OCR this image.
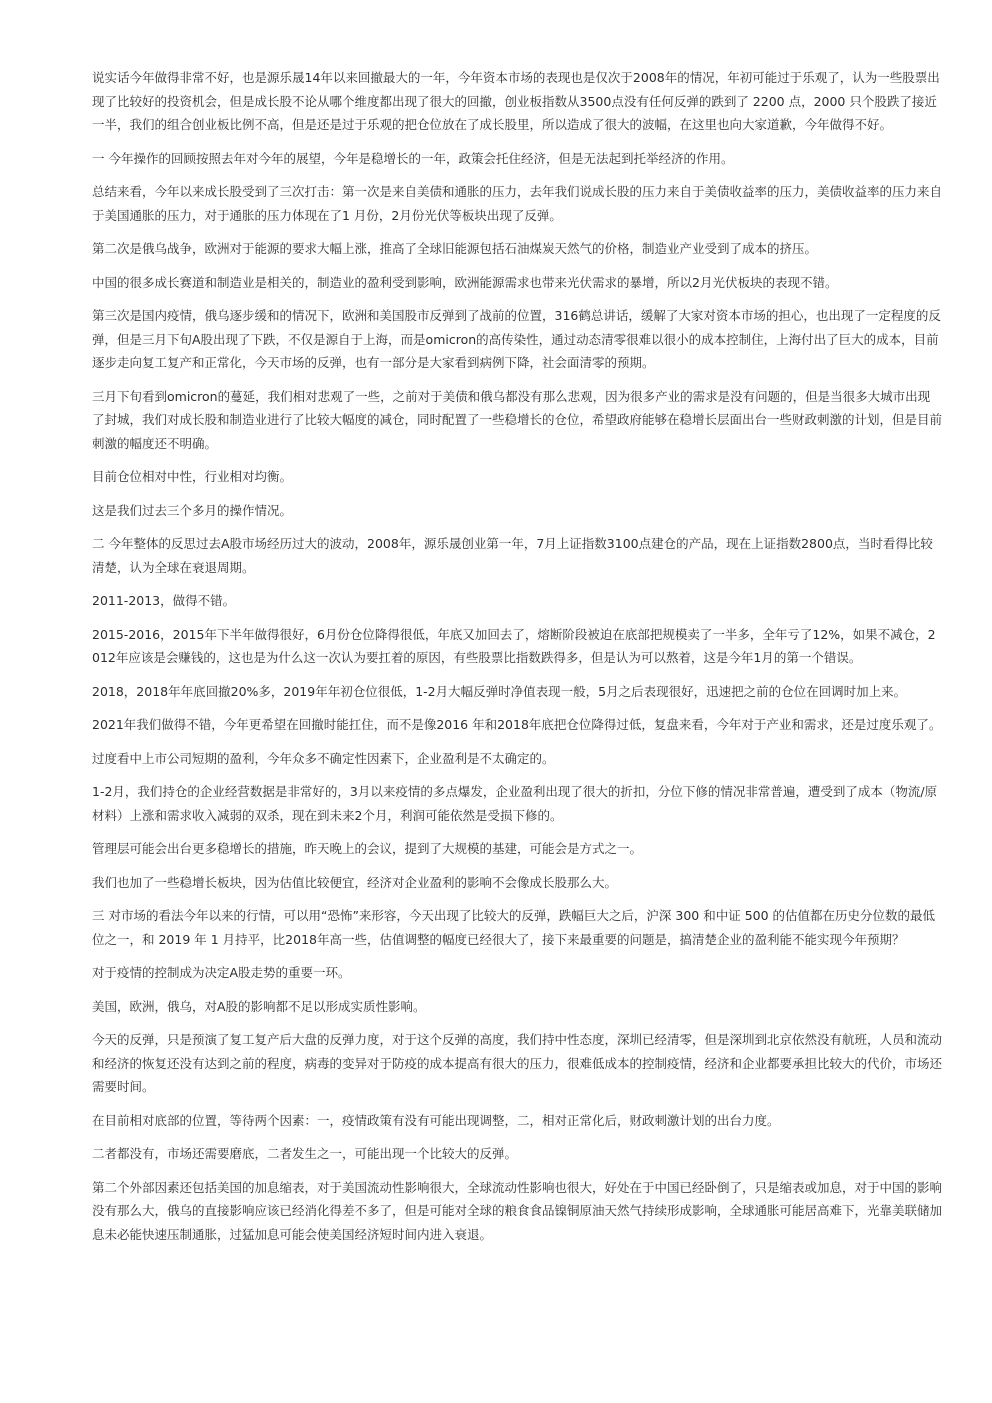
说实话今年做得非常不好，也是源乐晟14年以来回撤最大的一年，今年资本市场的表现也是仅次于2008年的情况，年初可能过于乐观了，认为一些股票出现了比较好的投资机会，但是成长股不论从哪个维度都出现了很大的回撤，创业板指数从3500点没有任何反弹的跌到了 2200 点，2000 只个股跌了接近一半，我们的组合创业板比例不高，但是还是过于乐观的把仓位放在了成长股里，所以造成了很大的波幅，在这里也向大家道歉，今年做得不好。

一 今年操作的回顾按照去年对今年的展望，今年是稳增长的一年，政策会托住经济，但是无法起到托举经济的作用。

总结来看，今年以来成长股受到了三次打击：第一次是来自美债和通胀的压力，去年我们说成长股的压力来自于美债收益率的压力，美债收益率的压力来自于美国通胀的压力，对于通胀的压力体现在了1 月份，2月份光伏等板块出现了反弹。

第二次是俄乌战争，欧洲对于能源的要求大幅上涨，推高了全球旧能源包括石油煤炭天然气的价格，制造业产业受到了成本的挤压。

中国的很多成长赛道和制造业是相关的，制造业的盈利受到影响，欧洲能源需求也带来光伏需求的暴增，所以2月光伏板块的表现不错。

第三次是国内疫情，俄乌逐步缓和的情况下，欧洲和美国股市反弹到了战前的位置，316鹤总讲话，缓解了大家对资本市场的担心，也出现了一定程度的反弹，但是三月下旬A股出现了下跌，不仅是源自于上海，而是omicron的高传染性，通过动态清零很难以很小的成本控制住，上海付出了巨大的成本，目前逐步走向复工复产和正常化，今天市场的反弹，也有一部分是大家看到病例下降，社会面清零的预期。

三月下旬看到omicron的蔓延，我们相对悲观了一些，之前对于美债和俄乌都没有那么悲观，因为很多产业的需求是没有问题的，但是当很多大城市出现了封城，我们对成长股和制造业进行了比较大幅度的减仓，同时配置了一些稳增长的仓位，希望政府能够在稳增长层面出台一些财政刺激的计划，但是目前刺激的幅度还不明确。

目前仓位相对中性，行业相对均衡。

这是我们过去三个多月的操作情况。

二 今年整体的反思过去A股市场经历过大的波动，2008年，源乐晟创业第一年，7月上证指数3100点建仓的产品，现在上证指数2800点，当时看得比较清楚，认为全球在衰退周期。

2011-2013，做得不错。

2015-2016，2015年下半年做得很好，6月份仓位降得很低，年底又加回去了，熔断阶段被迫在底部把规模卖了一半多，全年亏了12%，如果不减仓，2012年应该是会赚钱的，这也是为什么这一次认为要扛着的原因，有些股票比指数跌得多，但是认为可以熬着，这是今年1月的第一个错误。

2018，2018年年底回撤20%多，2019年年初仓位很低，1-2月大幅反弹时净值表现一般，5月之后表现很好，迅速把之前的仓位在回调时加上来。

2021年我们做得不错，今年更希望在回撤时能扛住，而不是像2016 年和2018年底把仓位降得过低，复盘来看，今年对于产业和需求，还是过度乐观了。

过度看中上市公司短期的盈利，今年众多不确定性因素下，企业盈利是不太确定的。

1-2月，我们持仓的企业经营数据是非常好的，3月以来疫情的多点爆发，企业盈利出现了很大的折扣，分位下修的情况非常普遍，遭受到了成本（物流/原材料）上涨和需求收入减弱的双杀，现在到未来2个月，利润可能依然是受损下修的。

管理层可能会出台更多稳增长的措施，昨天晚上的会议，提到了大规模的基建，可能会是方式之一。

我们也加了一些稳增长板块，因为估值比较便宜，经济对企业盈利的影响不会像成长股那么大。

三 对市场的看法今年以来的行情，可以用“恐怖”来形容，今天出现了比较大的反弹，跌幅巨大之后，沪深 300 和中证 500 的估值都在历史分位数的最低位之一，和 2019 年 1 月持平，比2018年高一些，估值调整的幅度已经很大了，接下来最重要的问题是，搞清楚企业的盈利能不能实现今年预期？

对于疫情的控制成为决定A股走势的重要一环。

美国，欧洲，俄乌，对A股的影响都不足以形成实质性影响。

今天的反弹，只是预演了复工复产后大盘的反弹力度，对于这个反弹的高度，我们持中性态度，深圳已经清零，但是深圳到北京依然没有航班，人员和流动和经济的恢复还没有达到之前的程度，病毒的变异对于防疫的成本提高有很大的压力，很难低成本的控制疫情，经济和企业都要承担比较大的代价，市场还需要时间。

在目前相对底部的位置，等待两个因素：一，疫情政策有没有可能出现调整，二，相对正常化后，财政刺激计划的出台力度。

二者都没有，市场还需要磨底，二者发生之一，可能出现一个比较大的反弹。

第二个外部因素还包括美国的加息缩表，对于美国流动性影响很大，全球流动性影响也很大，好处在于中国已经卧倒了，只是缩表或加息，对于中国的影响没有那么大，俄乌的直接影响应该已经消化得差不多了，但是可能对全球的粮食食品镍铜原油天然气持续形成影响，全球通胀可能居高难下，光靠美联储加息未必能快速压制通胀，过猛加息可能会使美国经济短时间内进入衰退。
